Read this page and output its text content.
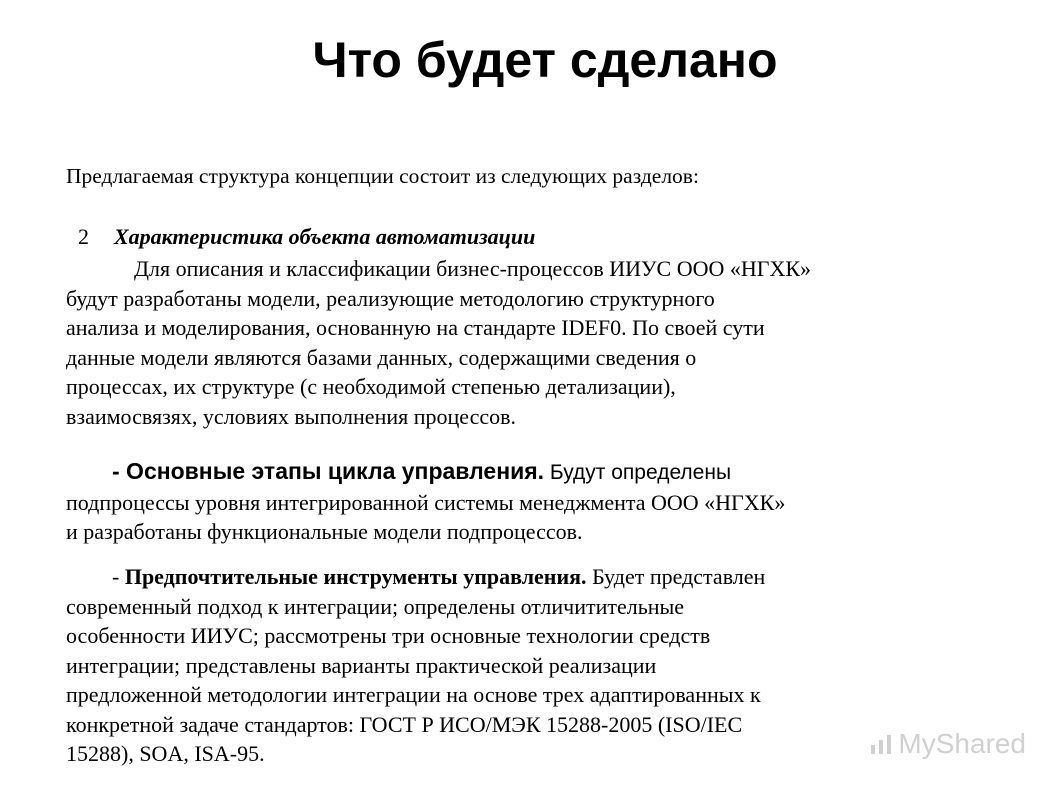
Что будет сделано
Предлагаемая структура концепции состоит из следующих разделов:
2 Характеристика объекта автоматизации
Для описания и классификации бизнес-процессов ИИУС ООО «НГХК»
будут разработаны модели, реализующие методологию структурного
анализа и моделирования, основанную на стандарте IDEF0. По своей сути
данные модели являются базами данных, содержащими сведения о
процессах, их структуре (с необходимой степенью детализации),
взаимосвязях, условиях выполнения процессов.
- Основные этапы цикла управления. Будут определены
подпроцессы уровня интегрированной системы менеджмента ООО «НГХК»
и разработаны функциональные модели подпроцессов.
- Предпочтительные инструменты управления. Будет представлен
современный подход к интеграции; определены отличитительные
особенности ИИУС; рассмотрены три основные технологии средств
интеграции; представлены варианты практической реализации
предложенной методологии интеграции на основе трех адаптированных к
конкретной задаче стандартов: ГОСТ Р ИСО/МЭК 15288-2005 (ISO/IEC
15288), SOA, ISA-95.	MyShared
